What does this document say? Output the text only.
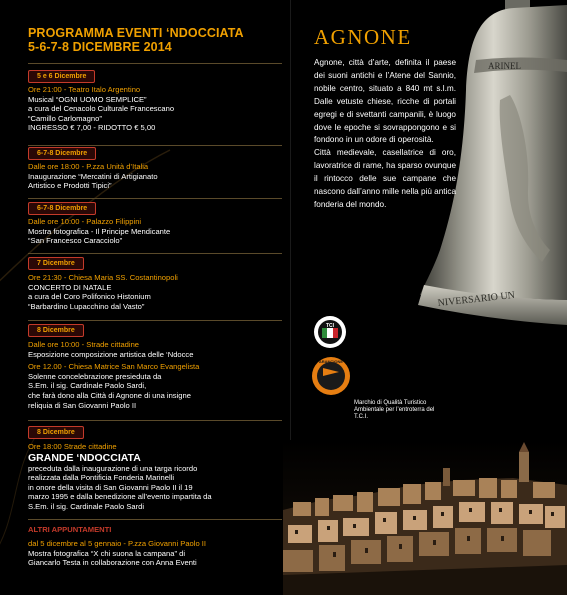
PROGRAMMA EVENTI ‘NDOCCIATA
5-6-7-8 DICEMBRE 2014
5 e 6 Dicembre
Ore 21:00 - Teatro Italo Argentino
Musical “OGNI UOMO SEMPLICE”
a cura del Cenacolo Culturale Francescano
“Camillo Carlomagno”
INGRESSO € 7,00 - RIDOTTO € 5,00
6-7-8 Dicembre
Dalle ore 18:00 - P.zza Unità d’Italia
Inaugurazione “Mercatini di Artigianato
Artistico e Prodotti Tipici”
6-7-8 Dicembre
Dalle ore 10:00 - Palazzo Filippini
Mostra fotografica - Il Principe Mendicante
“San Francesco Caracciolo”
7 Dicembre
Ore 21:30 - Chiesa Maria SS. Costantinopoli
CONCERTO DI NATALE
a cura del Coro Polifonico Histonium
“Barbardino Lupacchino dal Vasto”
8 Dicembre
Dalle ore 10:00 - Strade cittadine
Esposizione composizione artistica delle ‘Ndocce
Ore 12.00 - Chiesa Matrice San Marco Evangelista
Solenne concelebrazione presieduta da
S.Em. il sig. Cardinale Paolo Sardi,
che farà dono alla Città di Agnone di una insigne
reliquia di San Giovanni Paolo II
8 Dicembre
Ore 18:00 Strade cittadine
GRANDE ‘NDOCCIATA
preceduta dalla inaugurazione di una targa ricordo
realizzata dalla Pontificia Fonderia Marinelli
in onore della visita di San Giovanni Paolo II il 19
marzo 1995 e dalla benedizione all’evento impartita da
S.Em. il sig. Cardinale Paolo Sardi
ALTRI APPUNTAMENTI
dal 5 dicembre al 5 gennaio - P.zza Giovanni Paolo II
Mostra fotografica “X chi suona la campana” di
Giancarlo Testa in collaborazione con Anna Eventi
ARINEL
NIVERSARIO UN
AGNONE

Agnone, città d’arte, definita il paese dei suoni antichi e l’Atene del Sannio, nobile centro, situato a 840 mt s.l.m. Dalle vetuste chiese, ricche di portali egregi e di svettanti campanili, è luogo dove le epoche si sovrappongono e si fondono in un odore di operosità.

Città medievale, casellatrice di oro, lavoratrice di rame, ha sparso ovunque il rintocco delle sue campane che nascono dall’anno mille nella più antica fonderia del mondo.

TCI
ARANCIONE
Marchio di Qualità Turistico Ambientale per l’entroterra del T.C.I.
